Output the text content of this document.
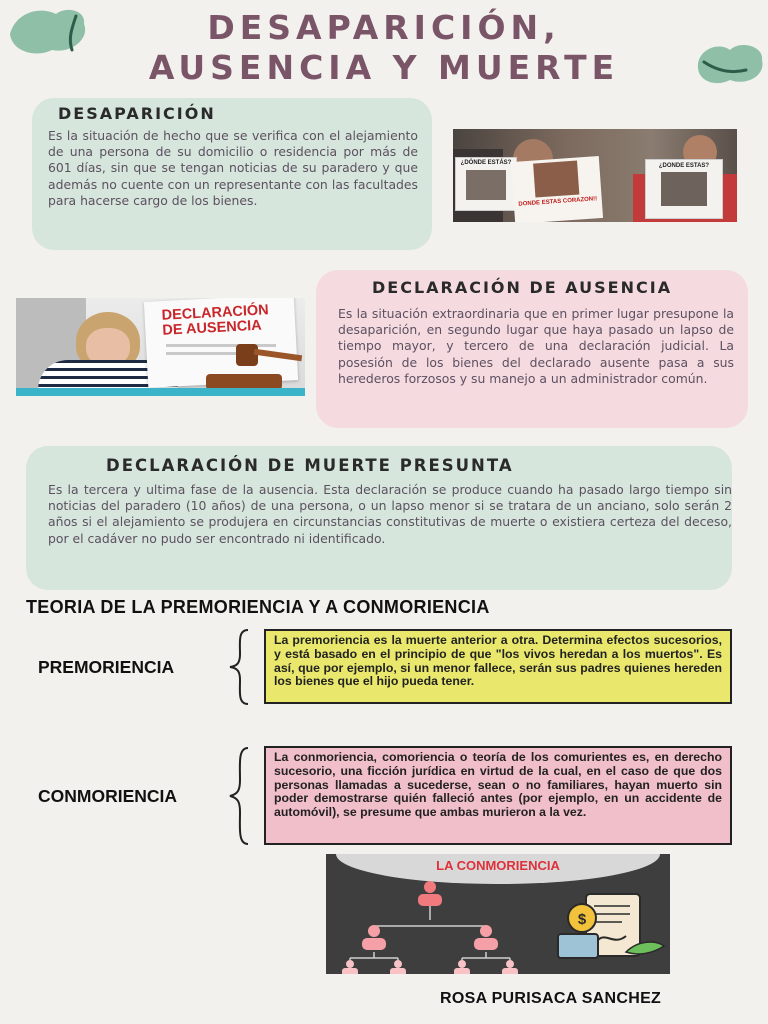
DESAPARICIÓN,
AUSENCIA Y MUERTE
DESAPARICIÓN
Es la situación de hecho que se verifica con el alejamiento de una persona de su domicilio o residencia por más de 601 días, sin que se tengan noticias de su paradero y que además no cuente con un representante con las facultades para hacerse cargo de los bienes.
¿DÓNDE ESTÁS?
DONDE ESTAS CORAZON!!
¿DONDE ESTAS?
DECLARACIÓN
DE AUSENCIA
DECLARACIÓN DE AUSENCIA
Es la situación extraordinaria que en primer lugar presupone la desaparición, en segundo lugar que haya pasado un lapso de tiempo mayor, y tercero de una declaración judicial. La posesión de los bienes del declarado ausente pasa a sus herederos forzosos y su manejo a un administrador común.
DECLARACIÓN DE MUERTE PRESUNTA
Es la tercera y ultima fase de la ausencia. Esta declaración se produce cuando ha pasado largo tiempo sin noticias del paradero (10 años) de una persona, o un lapso menor si se tratara de un anciano, solo serán 2 años si el alejamiento se produjera en circunstancias constitutivas de muerte o existiera certeza del deceso, por el cadáver no pudo ser encontrado ni identificado.
TEORIA DE LA PREMORIENCIA Y A CONMORIENCIA
PREMORIENCIA
La premoriencia es la muerte anterior a otra. Determina efectos sucesorios, y está basado en el principio de que "los vivos heredan a los muertos". Es así, que por ejemplo, si un menor fallece, serán sus padres quienes hereden los bienes que el hijo pueda tener.
CONMORIENCIA
La conmoriencia, comoriencia o teoría de los comurientes es, en derecho sucesorio, una ficción jurídica en virtud de la cual, en el caso de que dos personas llamadas a sucederse, sean o no familiares, hayan muerto sin poder demostrarse quién falleció antes (por ejemplo, en un accidente de automóvil), se presume que ambas murieron a la vez.
LA CONMORIENCIA
$
ROSA PURISACA SANCHEZ
